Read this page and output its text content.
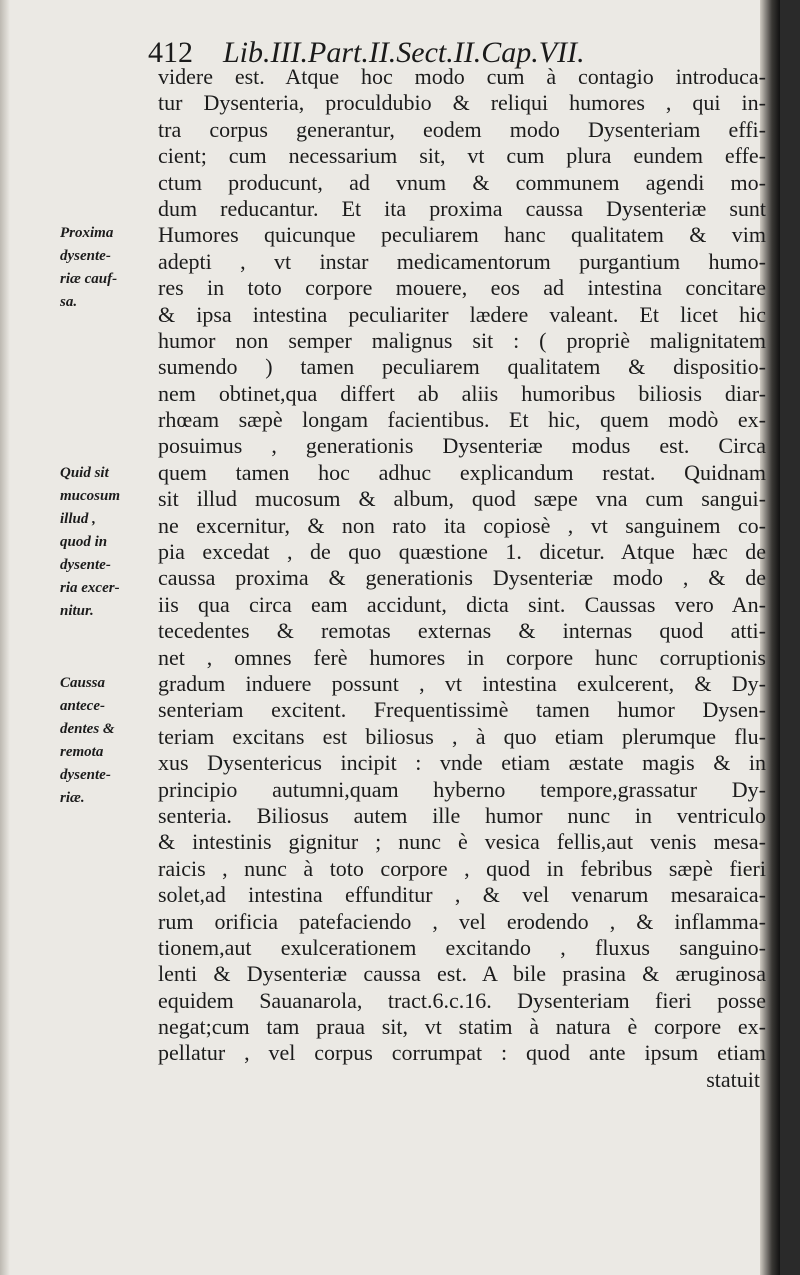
412 Lib.III.Part.II.Sect.II.Cap.VII.
Proxima
dysente-
riæ cauf-
sa.
Quid sit
mucosum
illud ,
quod in
dysente-
ria excer-
nitur.
Caussa
antece-
dentes &
remota
dysente-
riæ.
videre est. Atque hoc modo cum à contagio introduca-
tur Dysenteria, proculdubio & reliqui humores , qui in-
tra corpus generantur, eodem modo Dysenteriam effi-
cient; cum necessarium sit, vt cum plura eundem effe-
ctum producunt, ad vnum & communem agendi mo-
dum reducantur. Et ita proxima caussa Dysenteriæ sunt
Humores quicunque peculiarem hanc qualitatem & vim
adepti , vt instar medicamentorum purgantium humo-
res in toto corpore mouere, eos ad intestina concitare
& ipsa intestina peculiariter lædere valeant. Et licet hic
humor non semper malignus sit : ( propriè malignitatem
sumendo ) tamen peculiarem qualitatem & dispositio-
nem obtinet,qua differt ab aliis humoribus biliosis diar-
rhœam sæpè longam facientibus. Et hic, quem modò ex-
posuimus , generationis Dysenteriæ modus est. Circa
quem tamen hoc adhuc explicandum restat. Quidnam
sit illud mucosum & album, quod sæpe vna cum sangui-
ne excernitur, & non rato ita copiosè , vt sanguinem co-
pia excedat , de quo quæstione 1. dicetur. Atque hæc de
caussa proxima & generationis Dysenteriæ modo , & de
iis qua circa eam accidunt, dicta sint. Caussas vero An-
tecedentes & remotas externas & internas quod atti-
net , omnes ferè humores in corpore hunc corruptionis
gradum induere possunt , vt intestina exulcerent, & Dy-
senteriam excitent. Frequentissimè tamen humor Dysen-
teriam excitans est biliosus , à quo etiam plerumque flu-
xus Dysentericus incipit : vnde etiam æstate magis & in
principio autumni,quam hyberno tempore,grassatur Dy-
senteria. Biliosus autem ille humor nunc in ventriculo
& intestinis gignitur ; nunc è vesica fellis,aut venis mesa-
raicis , nunc à toto corpore , quod in febribus sæpè fieri
solet,ad intestina effunditur , & vel venarum mesaraica-
rum orificia patefaciendo , vel erodendo , & inflamma-
tionem,aut exulcerationem excitando , fluxus sanguino-
lenti & Dysenteriæ caussa est. A bile prasina & æruginosa
equidem Sauanarola, tract.6.c.16. Dysenteriam fieri posse
negat;cum tam praua sit, vt statim à natura è corpore ex-
pellatur , vel corpus corrumpat : quod ante ipsum etiam
statuit
